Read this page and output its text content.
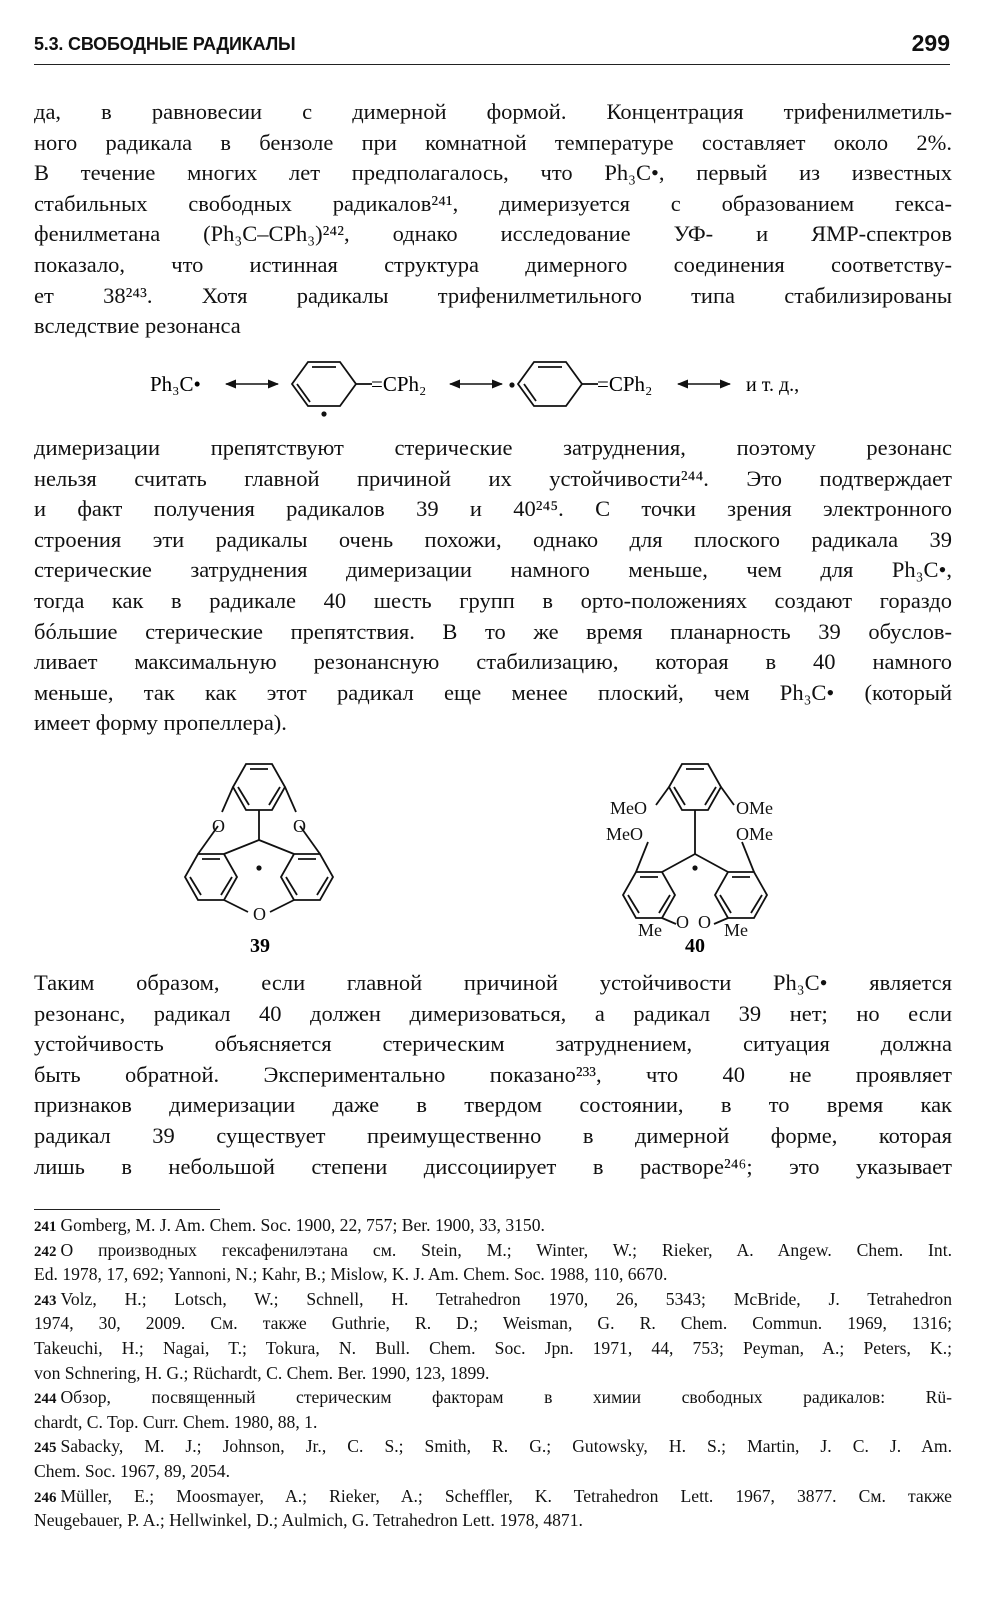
5.3. СВОБОДНЫЕ РАДИКАЛЫ	299
да, в равновесии с димерной формой. Концентрация трифенилметиль-
ного радикала в бензоле при комнатной температуре составляет около 2%.
В течение многих лет предполагалось, что Ph₃C•, первый из известных
стабильных свободных радикалов²⁴¹, димеризуется с образованием гекса-
фенилметана (Ph₃C–CPh₃)²⁴², однако исследование УФ- и ЯМР-спектров
показало, что истинная структура димерного соединения соответству-
ет 38²⁴³. Хотя радикалы трифенилметильного типа стабилизированы
вследствие резонанса
Ph₃C•	=CPh₂	=CPh₂	и т. д.,
димеризации препятствуют стерические затруднения, поэтому резонанс
нельзя считать главной причиной их устойчивости²⁴⁴. Это подтверждает
и факт получения радикалов 39 и 40²⁴⁵. С точки зрения электронного
строения эти радикалы очень похожи, однако для плоского радикала 39
стерические затруднения димеризации намного меньше, чем для Ph₃C•,
тогда как в радикале 40 шесть групп в орто-положениях создают гораздо
бóльшие стерические препятствия. В то же время планарность 39 обуслов-
ливает максимальную резонансную стабилизацию, которая в 40 намного
меньше, так как этот радикал еще менее плоский, чем Ph₃C• (который
имеет форму пропеллера).
O	O
O
39
MeO	OMe
MeO	OMe
Me O O Me
40
Таким образом, если главной причиной устойчивости Ph₃C• является
резонанс, радикал 40 должен димеризоваться, а радикал 39 нет; но если
устойчивость объясняется стерическим затруднением, ситуация должна
быть обратной. Экспериментально показано²³³, что 40 не проявляет
признаков димеризации даже в твердом состоянии, в то время как
радикал 39 существует преимущественно в димерной форме, которая
лишь в небольшой степени диссоциирует в растворе²⁴⁶; это указывает
241 Gomberg, M. J. Am. Chem. Soc. 1900, 22, 757; Ber. 1900, 33, 3150.
242 О производных гексафенилэтана см. Stein, M.; Winter, W.; Rieker, A. Angew. Chem. Int.
Ed. 1978, 17, 692; Yannoni, N.; Kahr, B.; Mislow, K. J. Am. Chem. Soc. 1988, 110, 6670.
243 Volz, H.; Lotsch, W.; Schnell, H. Tetrahedron 1970, 26, 5343; McBride, J. Tetrahedron
1974, 30, 2009. См. также Guthrie, R. D.; Weisman, G. R. Chem. Commun. 1969, 1316;
Takeuchi, H.; Nagai, T.; Tokura, N. Bull. Chem. Soc. Jpn. 1971, 44, 753; Peyman, A.; Peters, K.;
von Schnering, H. G.; Rüchardt, C. Chem. Ber. 1990, 123, 1899.
244 Обзор, посвященный стерическим факторам в химии свободных радикалов: Rü-
chardt, C. Top. Curr. Chem. 1980, 88, 1.
245 Sabacky, M. J.; Johnson, Jr., C. S.; Smith, R. G.; Gutowsky, H. S.; Martin, J. C. J. Am.
Chem. Soc. 1967, 89, 2054.
246 Müller, E.; Moosmayer, A.; Rieker, A.; Scheffler, K. Tetrahedron Lett. 1967, 3877. См. также
Neugebauer, P. A.; Hellwinkel, D.; Aulmich, G. Tetrahedron Lett. 1978, 4871.
